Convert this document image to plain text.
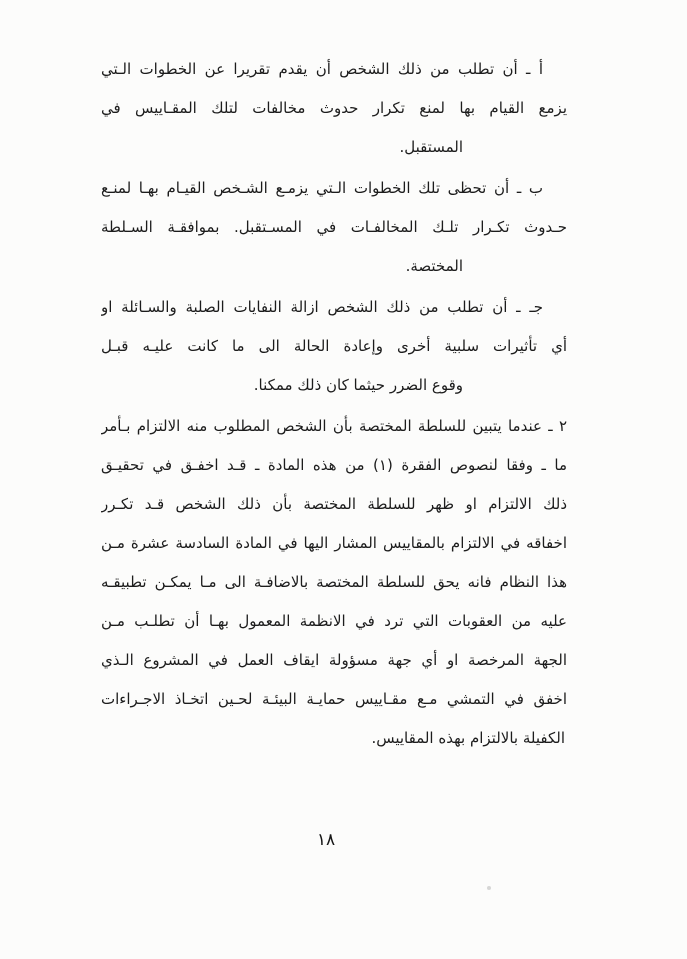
أ ـ أن تطلب من ذلك الشخص أن يقدم تقريرا عن الخطوات الـتي
يزمع القيام بها لمنع تكرار حدوث مخالفات لتلك المقـاييس في
المستقبل.
ب ـ أن تحظى تلك الخطوات الـتي يزمـع الشـخص القيـام بهـا لمنـع
حـدوث تكـرار تلـك المخالفـات في المسـتقبل. بموافقـة السـلطة
المختصة.
جـ ـ أن تطلب من ذلك الشخص ازالة النفايات الصلبة والسـائلة او
أي تأثيرات سلبية أخرى وإعادة الحالة الى ما كانت عليـه قبـل
وقوع الضرر حيثما كان ذلك ممكنا.
٢ ـ عندما يتبين للسلطة المختصة بأن الشخص المطلوب منه الالتزام بـأمر
ما ـ وفقا لنصوص الفقرة (١) من هذه المادة ـ قـد اخفـق في تحقيـق
ذلك الالتزام او ظهر للسلطة المختصة بأن ذلك الشخص قـد تكـرر
اخفاقه في الالتزام بالمقاييس المشار اليها في المادة السادسة عشرة مـن
هذا النظام فانه يحق للسلطة المختصة بالاضافـة الى مـا يمكـن تطبيقـه
عليه من العقوبات التي ترد في الانظمة المعمول بهـا أن تطلـب مـن
الجهة المرخصة او أي جهة مسؤولة ايقاف العمل في المشروع الـذي
اخفق في التمشي مـع مقـاييس حمايـة البيئـة لحـين اتخـاذ الاجـراءات
الكفيلة بالالتزام بهذه المقاييس.
١٨
